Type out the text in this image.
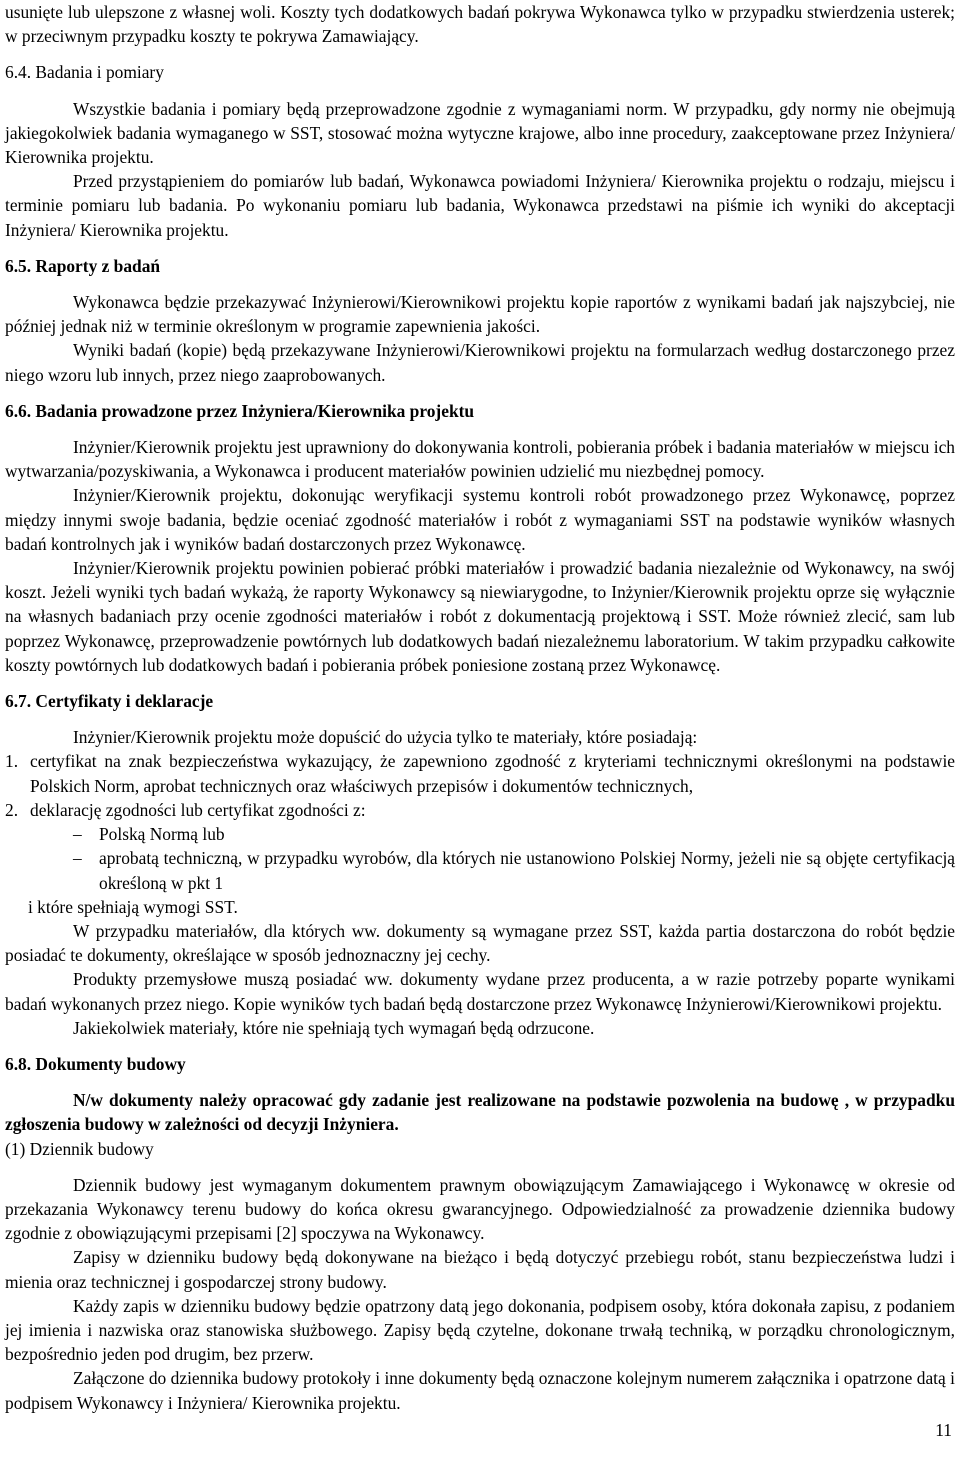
usunięte lub ulepszone z własnej woli. Koszty tych dodatkowych badań pokrywa Wykonawca tylko w przypadku stwierdzenia usterek; w przeciwnym przypadku koszty te pokrywa Zamawiający.

6.4. Badania i pomiary

Wszystkie badania i pomiary będą przeprowadzone zgodnie z wymaganiami norm. W przypadku, gdy normy nie obejmują jakiegokolwiek badania wymaganego w SST, stosować można wytyczne krajowe, albo inne procedury, zaakceptowane przez Inżyniera/ Kierownika projektu.

Przed przystąpieniem do pomiarów lub badań, Wykonawca powiadomi Inżyniera/ Kierownika projektu o rodzaju, miejscu i terminie pomiaru lub badania. Po wykonaniu pomiaru lub badania, Wykonawca przedstawi na piśmie ich wyniki do akceptacji Inżyniera/ Kierownika projektu.

6.5. Raporty z badań

Wykonawca będzie przekazywać Inżynierowi/Kierownikowi projektu kopie raportów z wynikami badań jak najszybciej, nie później jednak niż w terminie określonym w programie zapewnienia jakości.

Wyniki badań (kopie) będą przekazywane Inżynierowi/Kierownikowi projektu na formularzach według dostarczonego przez niego wzoru lub innych, przez niego zaaprobowanych.

6.6. Badania prowadzone przez Inżyniera/Kierownika projektu

Inżynier/Kierownik projektu jest uprawniony do dokonywania kontroli, pobierania próbek i badania materiałów w miejscu ich wytwarzania/pozyskiwania, a Wykonawca i producent materiałów powinien udzielić mu niezbędnej pomocy.

Inżynier/Kierownik projektu, dokonując weryfikacji systemu kontroli robót prowadzonego przez Wykonawcę, poprzez między innymi swoje badania, będzie oceniać zgodność materiałów i robót z wymaganiami SST na podstawie wyników własnych badań kontrolnych jak i wyników badań dostarczonych przez Wykonawcę.

Inżynier/Kierownik projektu powinien pobierać próbki materiałów i prowadzić badania niezależnie od Wykonawcy, na swój koszt. Jeżeli wyniki tych badań wykażą, że raporty Wykonawcy są niewiarygodne, to Inżynier/Kierownik projektu oprze się wyłącznie na własnych badaniach przy ocenie zgodności materiałów i robót z dokumentacją projektową i SST. Może również zlecić, sam lub poprzez Wykonawcę, przeprowadzenie powtórnych lub dodatkowych badań niezależnemu laboratorium. W takim przypadku całkowite koszty powtórnych lub dodatkowych badań i pobierania próbek poniesione zostaną przez Wykonawcę.

6.7. Certyfikaty i deklaracje

Inżynier/Kierownik projektu może dopuścić do użycia tylko te materiały, które posiadają:

1. certyfikat na znak bezpieczeństwa wykazujący, że zapewniono zgodność z kryteriami technicznymi określonymi na podstawie Polskich Norm, aprobat technicznych oraz właściwych przepisów i dokumentów technicznych,
2. deklarację zgodności lub certyfikat zgodności z:
– Polską Normą lub
– aprobatą techniczną, w przypadku wyrobów, dla których nie ustanowiono Polskiej Normy, jeżeli nie są objęte certyfikacją określoną w pkt 1

i które spełniają wymogi SST.

W przypadku materiałów, dla których ww. dokumenty są wymagane przez SST, każda partia dostarczona do robót będzie posiadać te dokumenty, określające w sposób jednoznaczny jej cechy.

Produkty przemysłowe muszą posiadać ww. dokumenty wydane przez producenta, a w razie potrzeby poparte wynikami badań wykonanych przez niego. Kopie wyników tych badań będą dostarczone przez Wykonawcę Inżynierowi/Kierownikowi projektu.

Jakiekolwiek materiały, które nie spełniają tych wymagań będą odrzucone.

6.8. Dokumenty budowy

N/w dokumenty należy opracować gdy zadanie jest realizowane na podstawie pozwolenia na budowę , w przypadku zgłoszenia budowy w zależności od decyzji Inżyniera.

(1) Dziennik budowy

Dziennik budowy jest wymaganym dokumentem prawnym obowiązującym Zamawiającego i Wykonawcę w okresie od przekazania Wykonawcy terenu budowy do końca okresu gwarancyjnego. Odpowiedzialność za prowadzenie dziennika budowy zgodnie z obowiązującymi przepisami [2] spoczywa na Wykonawcy.

Zapisy w dzienniku budowy będą dokonywane na bieżąco i będą dotyczyć przebiegu robót, stanu bezpieczeństwa ludzi i mienia oraz technicznej i gospodarczej strony budowy.

Każdy zapis w dzienniku budowy będzie opatrzony datą jego dokonania, podpisem osoby, która dokonała zapisu, z podaniem jej imienia i nazwiska oraz stanowiska służbowego. Zapisy będą czytelne, dokonane trwałą techniką, w porządku chronologicznym, bezpośrednio jeden pod drugim, bez przerw.

Załączone do dziennika budowy protokoły i inne dokumenty będą oznaczone kolejnym numerem załącznika i opatrzone datą i podpisem Wykonawcy i Inżyniera/ Kierownika projektu.

11
